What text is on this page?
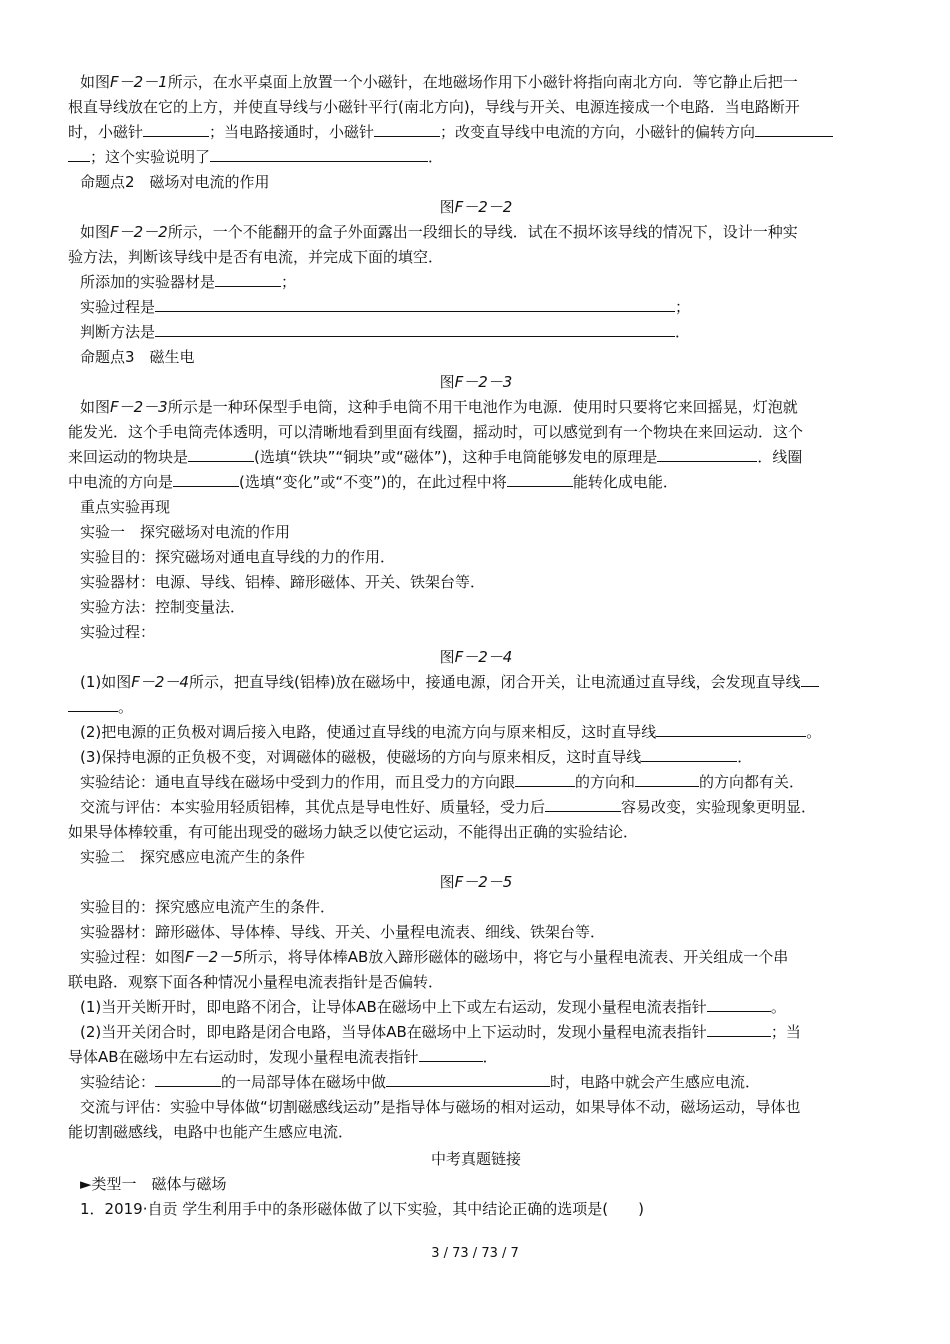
如图F－2－1所示，在水平桌面上放置一个小磁针，在地磁场作用下小磁针将指向南北方向．等它静止后把一
根直导线放在它的上方，并使直导线与小磁针平行(南北方向)，导线与开关、电源连接成一个电路．当电路断开
时，小磁针	；当电路接通时，小磁针	；改变直导线中电流的方向，小磁针的偏转方向
；这个实验说明了	．
命题点2　磁场对电流的作用
图F－2－2
如图F－2－2所示，一个不能翻开的盒子外面露出一段细长的导线．试在不损坏该导线的情况下，设计一种实
验方法，判断该导线中是否有电流，并完成下面的填空．
所添加的实验器材是	；
实验过程是	；
判断方法是	．
命题点3　磁生电
图F－2－3
如图F－2－3所示是一种环保型手电筒，这种手电筒不用干电池作为电源．使用时只要将它来回摇晃，灯泡就
能发光．这个手电筒壳体透明，可以清晰地看到里面有线圈，摇动时，可以感觉到有一个物块在来回运动．这个
来回运动的物块是	(选填“铁块”“铜块”或“磁体”)，这种手电筒能够发电的原理是	．线圈
中电流的方向是	(选填“变化”或“不变”)的，在此过程中将	能转化成电能．
重点实验再现
实验一　探究磁场对电流的作用
实验目的：探究磁场对通电直导线的力的作用．
实验器材：电源、导线、铝棒、蹄形磁体、开关、铁架台等．
实验方法：控制变量法．
实验过程：
图F－2－4
(1)如图F－2－4所示，把直导线(铝棒)放在磁场中，接通电源，闭合开关，让电流通过直导线，会发现直导线
。
(2)把电源的正负极对调后接入电路，使通过直导线的电流方向与原来相反，这时直导线	。
(3)保持电源的正负极不变，对调磁体的磁极，使磁场的方向与原来相反，这时直导线	．
实验结论：通电直导线在磁场中受到力的作用，而且受力的方向跟	的方向和	的方向都有关．
交流与评估：本实验用轻质铝棒，其优点是导电性好、质量轻，受力后	容易改变，实验现象更明显．
如果导体棒较重，有可能出现受的磁场力缺乏以使它运动，不能得出正确的实验结论．
实验二　探究感应电流产生的条件
图F－2－5
实验目的：探究感应电流产生的条件．
实验器材：蹄形磁体、导体棒、导线、开关、小量程电流表、细线、铁架台等．
实验过程：如图F－2－5所示，将导体棒AB放入蹄形磁体的磁场中，将它与小量程电流表、开关组成一个串
联电路．观察下面各种情况小量程电流表指针是否偏转．
(1)当开关断开时，即电路不闭合，让导体AB在磁场中上下或左右运动，发现小量程电流表指针	。
(2)当开关闭合时，即电路是闭合电路，当导体AB在磁场中上下运动时，发现小量程电流表指针	；当
导体AB在磁场中左右运动时，发现小量程电流表指针	．
实验结论：	的一局部导体在磁场中做	时，电路中就会产生感应电流．
交流与评估：实验中导体做“切割磁感线运动”是指导体与磁场的相对运动，如果导体不动，磁场运动，导体也
能切割磁感线，电路中也能产生感应电流．
中考真题链接
►类型一　磁体与磁场
1．2019·自贡 学生利用手中的条形磁体做了以下实验，其中结论正确的选项是(　　)
3 / 73 / 73 / 7
